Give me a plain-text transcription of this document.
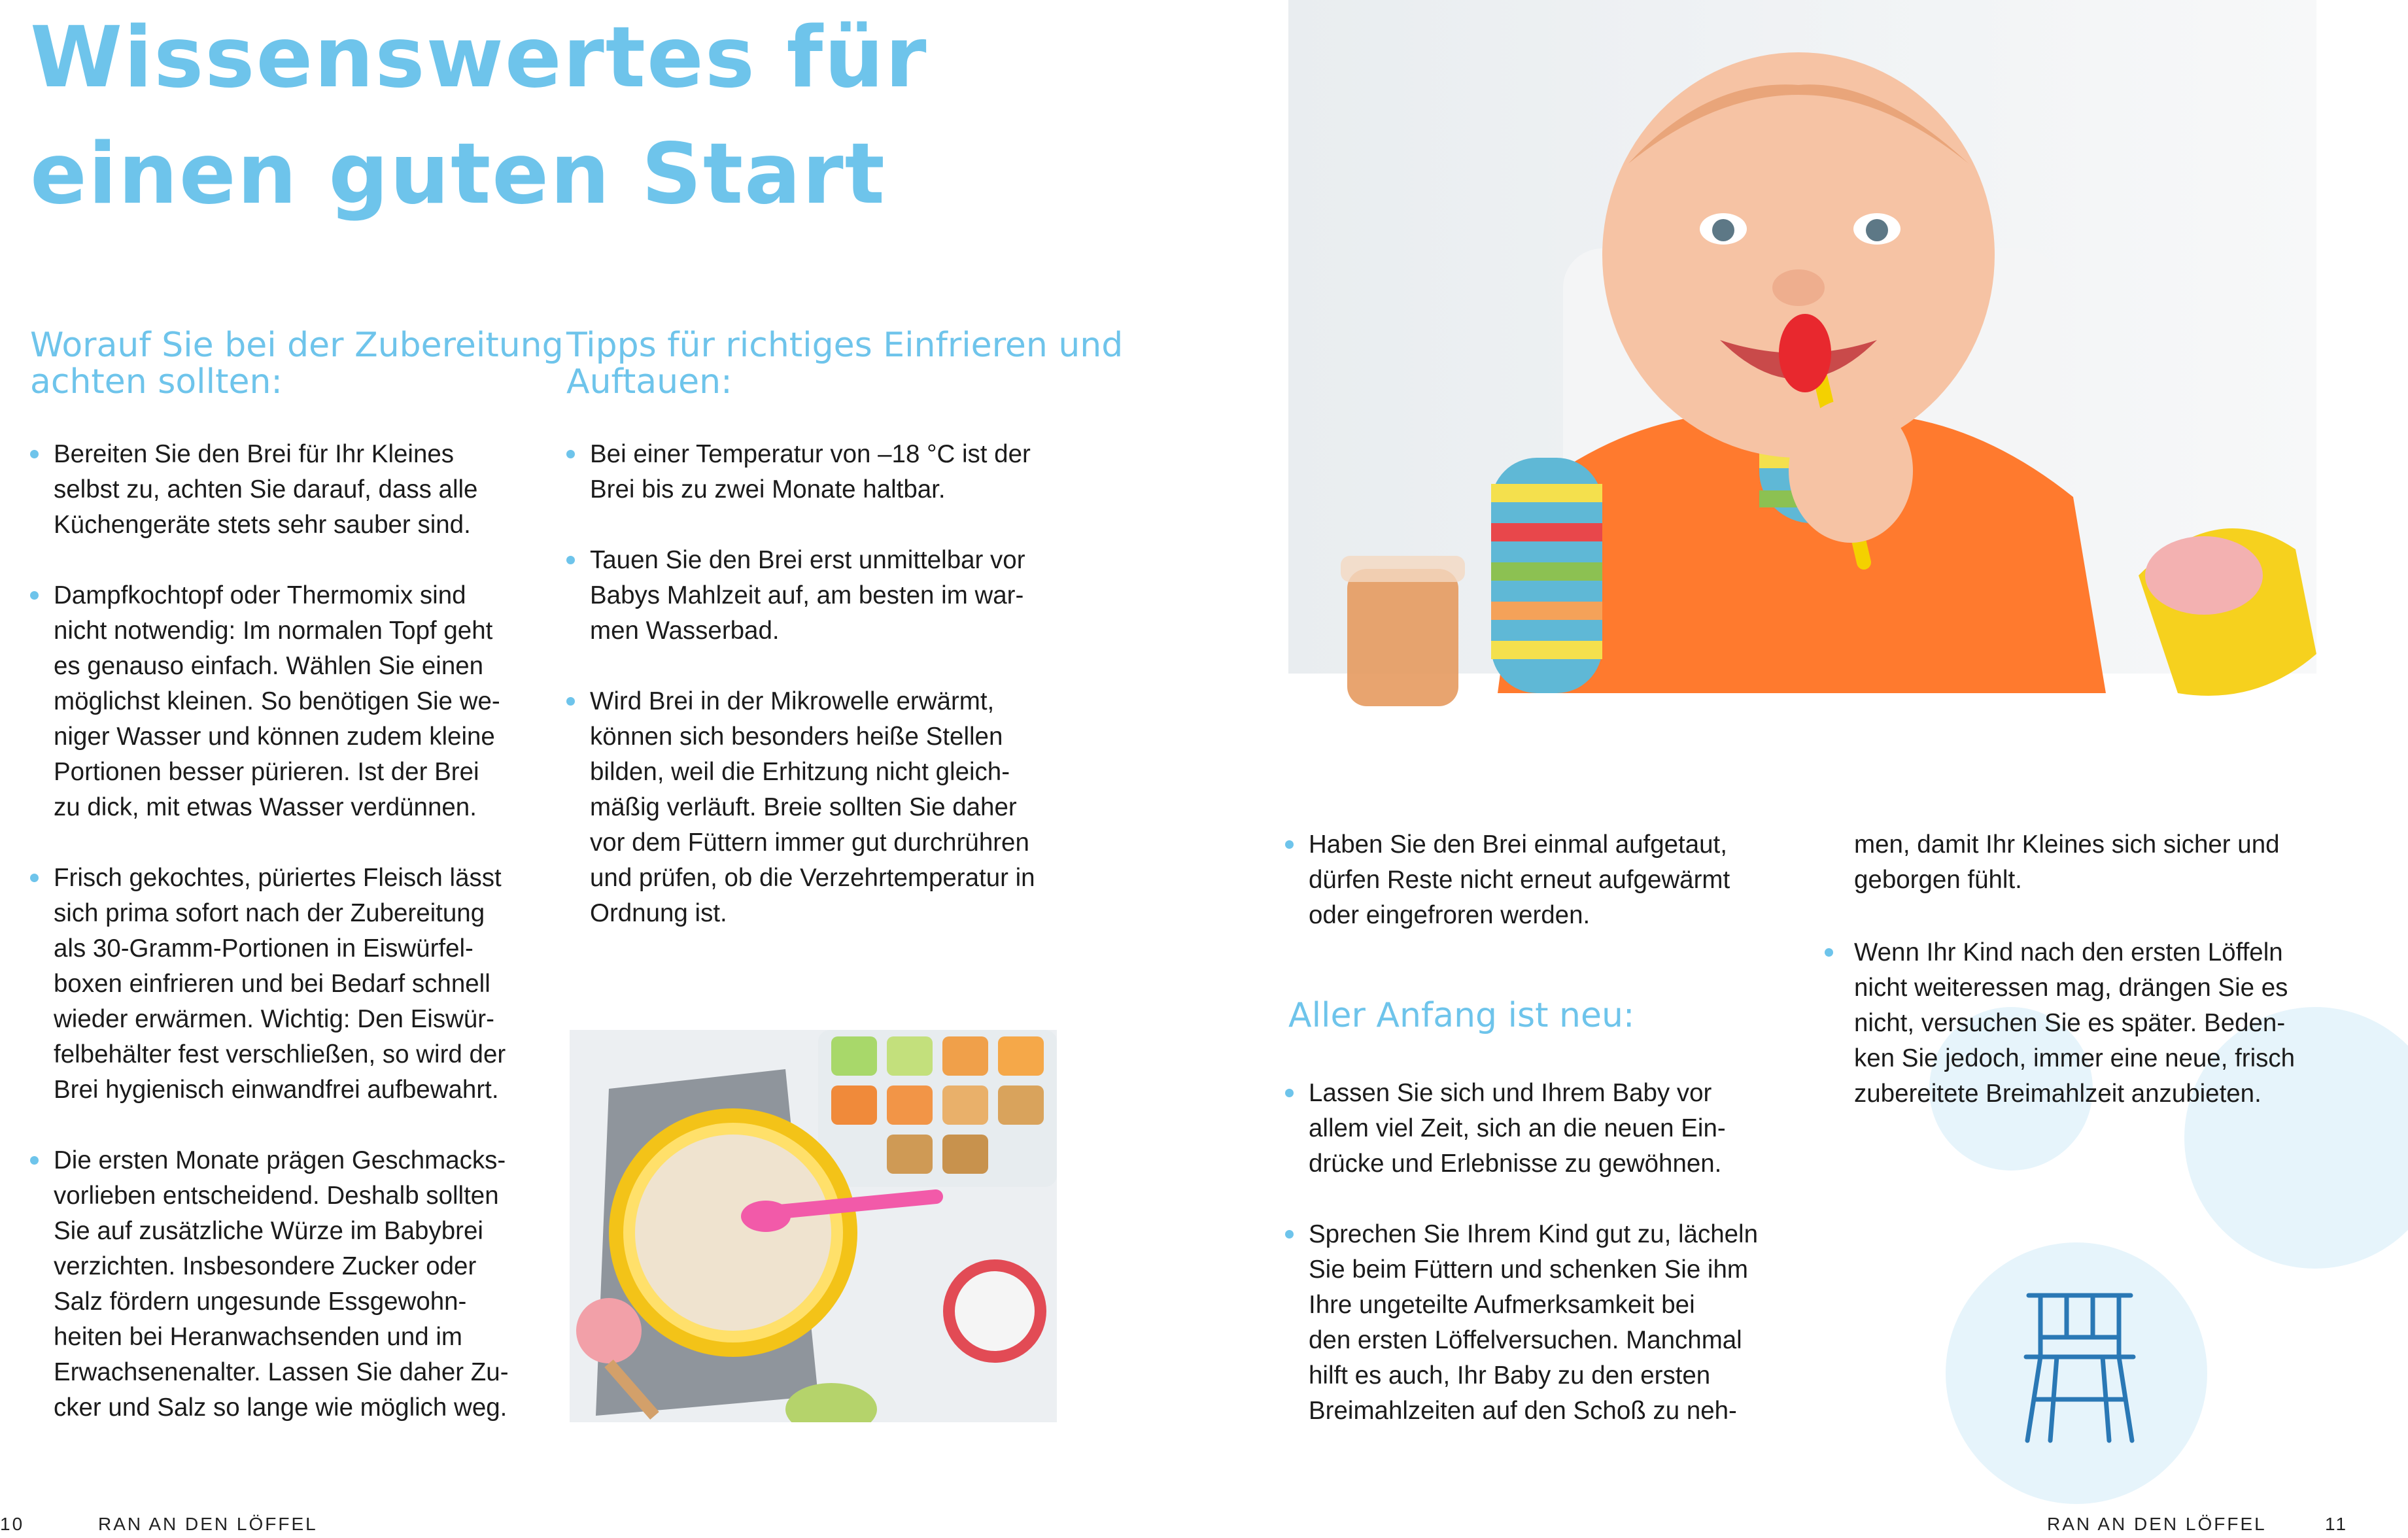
Wissenswertes für
einen guten Start
Worauf Sie bei der Zubereitung
achten sollten:
Bereiten Sie den Brei für Ihr Kleines
selbst zu, achten Sie darauf, dass alle
Küchengeräte stets sehr sauber sind.
Dampfkochtopf oder Thermomix sind
nicht notwendig: Im normalen Topf geht
es genauso einfach. Wählen Sie einen
möglichst kleinen. So benötigen Sie we-
niger Wasser und können zudem kleine
Portionen besser pürieren. Ist der Brei
zu dick, mit etwas Wasser verdünnen.
Frisch gekochtes, püriertes Fleisch lässt
sich prima sofort nach der Zubereitung
als 30-Gramm-Portionen in Eiswürfel-
boxen einfrieren und bei Bedarf schnell
wieder erwärmen. Wichtig: Den Eiswür-
felbehälter fest verschließen, so wird der
Brei hygienisch einwandfrei aufbewahrt.
Die ersten Monate prägen Geschmacks-
vorlieben entscheidend. Deshalb sollten
Sie auf zusätzliche Würze im Babybrei
verzichten. Insbesondere Zucker oder
Salz fördern ungesunde Essgewohn-
heiten bei Heranwachsenden und im
Erwachsenenalter. Lassen Sie daher Zu-
cker und Salz so lange wie möglich weg.
Tipps für richtiges Einfrieren und
Auftauen:
Bei einer Temperatur von –18 °C ist der
Brei bis zu zwei Monate haltbar.
Tauen Sie den Brei erst unmittelbar vor
Babys Mahlzeit auf, am besten im war-
men Wasserbad.
Wird Brei in der Mikrowelle erwärmt,
können sich besonders heiße Stellen
bilden, weil die Erhitzung nicht gleich-
mäßig verläuft. Breie sollten Sie daher
vor dem Füttern immer gut durchrühren
und prüfen, ob die Verzehrtemperatur in
Ordnung ist.
Haben Sie den Brei einmal aufgetaut,
dürfen Reste nicht erneut aufgewärmt
oder eingefroren werden.
Aller Anfang ist neu:
Lassen Sie sich und Ihrem Baby vor
allem viel Zeit, sich an die neuen Ein-
drücke und Erlebnisse zu gewöhnen.
Sprechen Sie Ihrem Kind gut zu, lächeln
Sie beim Füttern und schenken Sie ihm
Ihre ungeteilte Aufmerksamkeit bei
den ersten Löffelversuchen. Manchmal
hilft es auch, Ihr Baby zu den ersten
Breimahlzeiten auf den Schoß zu neh-
men, damit Ihr Kleines sich sicher und
geborgen fühlt.
Wenn Ihr Kind nach den ersten Löffeln
nicht weiteressen mag, drängen Sie es
nicht, versuchen Sie es später. Beden-
ken Sie jedoch, immer eine neue, frisch
zubereitete Breimahlzeit anzubieten.
10	RAN AN DEN LÖFFEL	RAN AN DEN LÖFFEL	11
